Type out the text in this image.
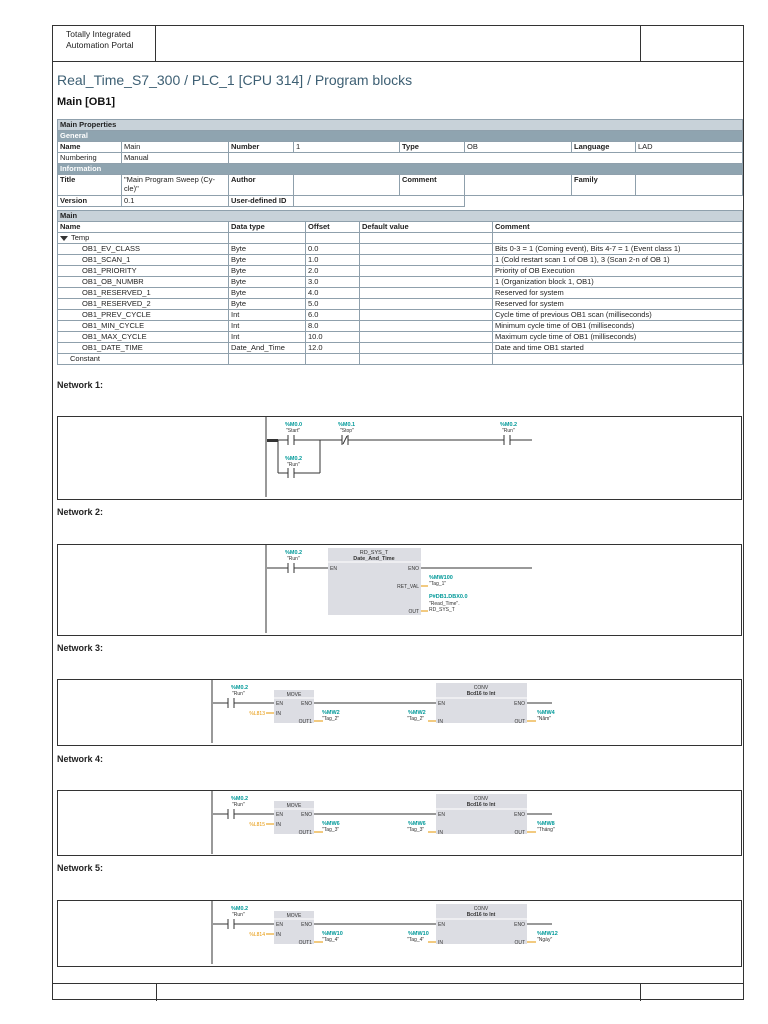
Totally Integrated
Automation Portal
Real_Time_S7_300 / PLC_1 [CPU 314] / Program blocks
Main [OB1]
Main Properties							
General							
Name	Main	Number	1	Type	OB	Language	LAD
Numbering	Manual						
Information							
Title	"Main Program Sweep (Cy-
cle)"	Author		Comment		Family	
Version	0.1	User-defined ID					
Main				
Name	Data type	Offset	Default value	Comment
Temp				
OB1_EV_CLASS	Byte	0.0		Bits 0-3 = 1 (Coming event), Bits 4-7 = 1 (Event class 1)
OB1_SCAN_1	Byte	1.0		1 (Cold restart scan 1 of OB 1), 3 (Scan 2-n of OB 1)
OB1_PRIORITY	Byte	2.0		Priority of OB Execution
OB1_OB_NUMBR	Byte	3.0		1 (Organization block 1, OB1)
OB1_RESERVED_1	Byte	4.0		Reserved for system
OB1_RESERVED_2	Byte	5.0		Reserved for system
OB1_PREV_CYCLE	Int	6.0		Cycle time of previous OB1 scan (milliseconds)
OB1_MIN_CYCLE	Int	8.0		Minimum cycle time of OB1 (milliseconds)
OB1_MAX_CYCLE	Int	10.0		Maximum cycle time of OB1 (milliseconds)
OB1_DATE_TIME	Date_And_Time	12.0		Date and time OB1 started
Constant				
Network 1:
%M0.0
"Start"
%M0.1
"Stop"
%M0.2
"Run"
%M0.2
"Run"
Network 2:
RD_SYS_T
Date_And_Time
EN	ENO
RET_VAL
OUT
%M0.2
"Run"
%MW100
"Tag_1"
P#DB1.DBX0.0
"Read_Time".
RD_SYS_T
Network 3:
%M0.2
"Run"	MOVE
EN	ENO
IN
OUT1
%L813	%MW2
"Tag_2"
%MW2
"Tag_2"
CONV
Bcd16 to Int
EN	ENO
IN	OUT
%MW4
"Năm"
Network 4:
%M0.2
"Run"	MOVE
EN	ENO
IN
OUT1
%L815	%MW6
"Tag_3"
%MW6
"Tag_3"
CONV
Bcd16 to Int
EN	ENO
IN	OUT
%MW8
"Tháng"
Network 5:
%M0.2
"Run"	MOVE
EN	ENO
IN
OUT1
%L814	%MW10
"Tag_4"
%MW10
"Tag_4"
CONV
Bcd16 to Int
EN	ENO
IN	OUT
%MW12
"Ngày"
